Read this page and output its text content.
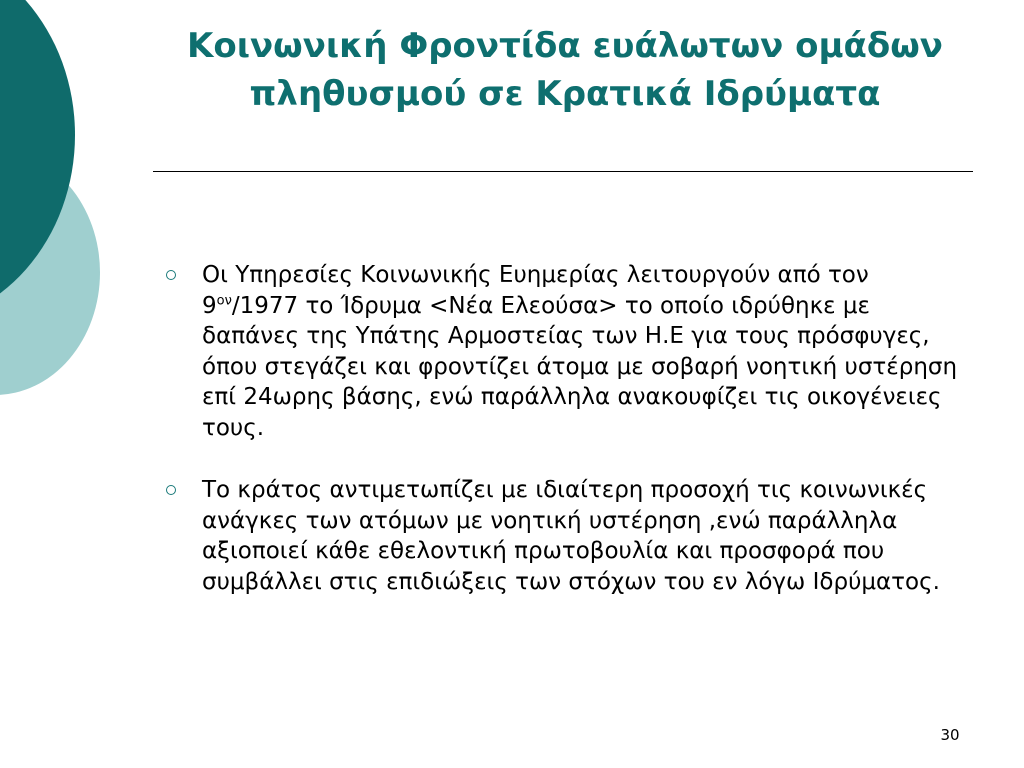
Κοινωνική Φροντίδα ευάλωτων ομάδων
πληθυσμού σε Κρατικά Ιδρύματα
Οι Υπηρεσίες Κοινωνικής Ευημερίας λειτουργούν από τον $9^{o\nu}/1977$ το Ίδρυμα <Νέα Ελεούσα> το οποίο ιδρύθηκε με δαπάνες της Υπάτης Αρμοστείας των Η.Ε για τους πρόσφυγες, όπου στεγάζει και φροντίζει άτομα με σοβαρή νοητική υστέρηση επί 24ωρης βάσης, ενώ παράλληλα ανακουφίζει τις οικογένειες τους.
Το κράτος αντιμετωπίζει με ιδιαίτερη προσοχή τις κοινωνικές ανάγκες των ατόμων με νοητική υστέρηση ,ενώ παράλληλα αξιοποιεί κάθε εθελοντική πρωτοβουλία και προσφορά που συμβάλλει στις επιδιώξεις των στόχων του εν λόγω Ιδρύματος.
30
